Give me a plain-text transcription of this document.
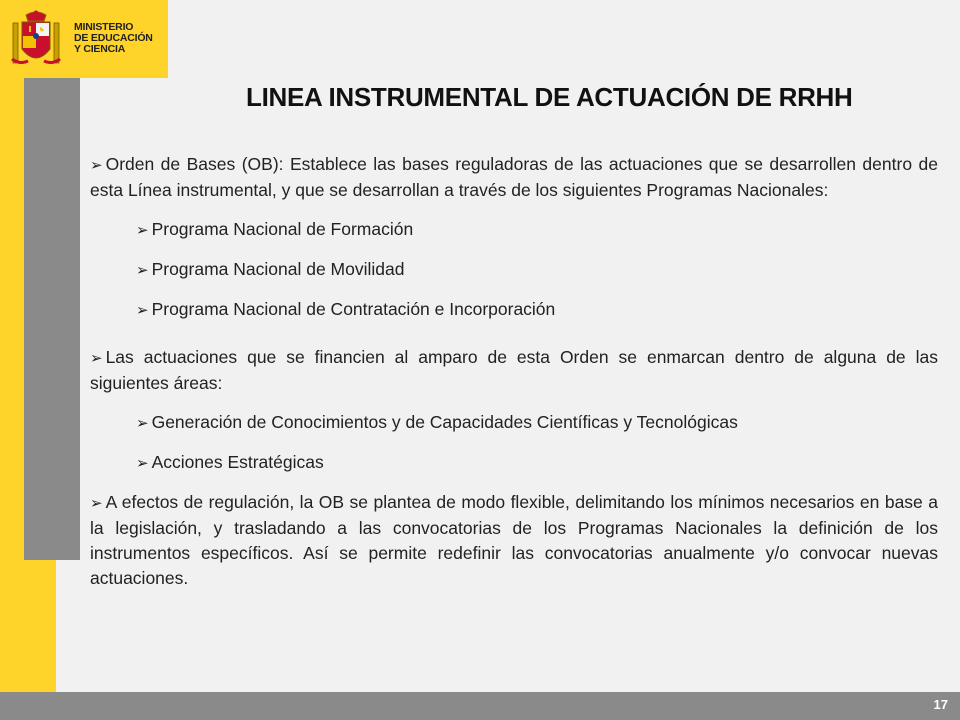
MINISTERIO
DE EDUCACIÓN
Y CIENCIA
LINEA INSTRUMENTAL DE ACTUACIÓN DE RRHH

➢ Orden de Bases (OB): Establece las bases reguladoras de las actuaciones que se desarrollen dentro de esta Línea instrumental, y que se desarrollan a través de los siguientes Programas Nacionales:

➢ Programa Nacional de Formación

➢ Programa Nacional de Movilidad

➢ Programa Nacional de Contratación e Incorporación

➢ Las actuaciones que se financien al amparo de esta Orden se enmarcan dentro de alguna de las siguientes áreas:

➢ Generación de Conocimientos y de Capacidades Científicas y Tecnológicas

➢ Acciones Estratégicas

➢ A efectos de regulación, la OB se plantea de modo flexible, delimitando los mínimos necesarios en base a la legislación, y trasladando a las convocatorias de los Programas Nacionales la definición de los instrumentos específicos. Así se permite redefinir las convocatorias anualmente y/o convocar nuevas actuaciones.

17
